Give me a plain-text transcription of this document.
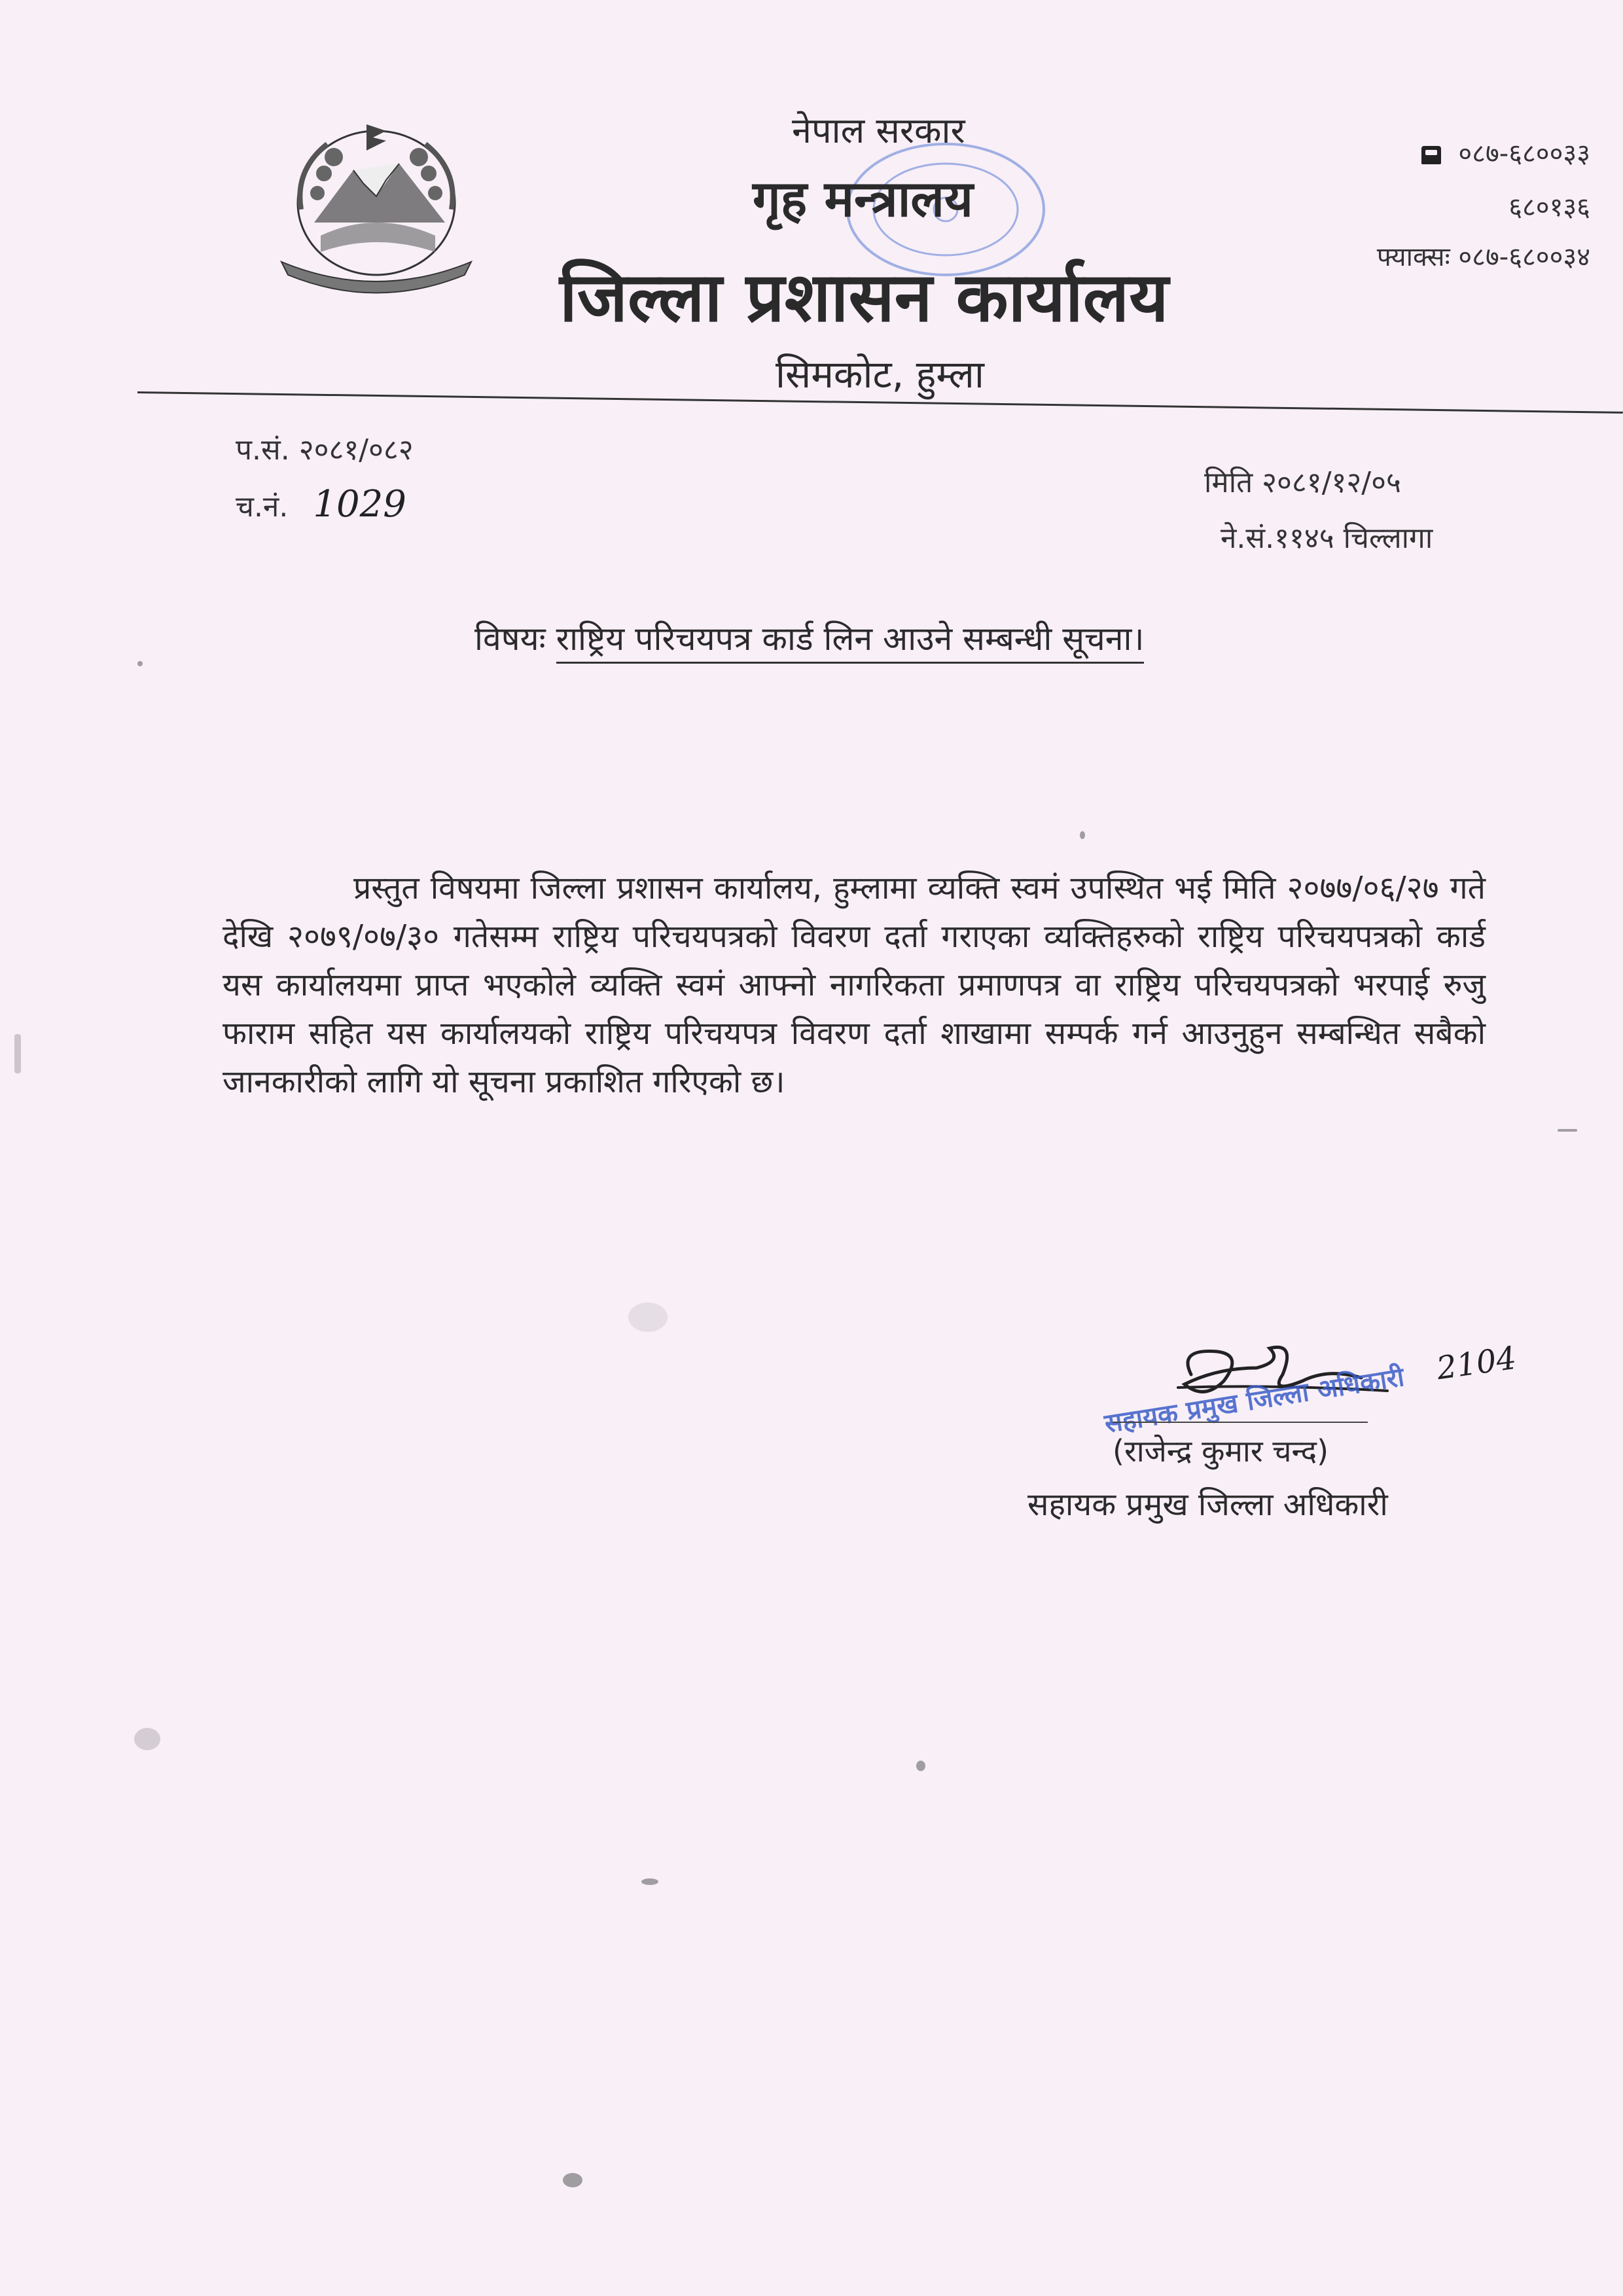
नेपाल सरकार
गृह मन्त्रालय
जिल्ला प्रशासन कार्यालय
सिमकोट, हुम्ला
०८७-६८००३३
६८०१३६
फ्याक्सः ०८७-६८००३४
प.सं. २०८१/०८२
च.नं. 1029
मिति २०८१/१२/०५
ने.सं.११४५ चिल्लागा
विषयः राष्ट्रिय परिचयपत्र कार्ड लिन आउने सम्बन्धी सूचना।
प्रस्तुत विषयमा जिल्ला प्रशासन कार्यालय, हुम्लामा व्यक्ति स्वमं उपस्थित भई मिति २०७७/०६/२७ गते देखि २०७९/०७/३० गतेसम्म राष्ट्रिय परिचयपत्रको विवरण दर्ता गराएका व्यक्तिहरुको राष्ट्रिय परिचयपत्रको कार्ड यस कार्यालयमा प्राप्त भएकोले व्यक्ति स्वमं आफ्नो नागरिकता प्रमाणपत्र वा राष्ट्रिय परिचयपत्रको भरपाई रुजु फाराम सहित यस कार्यालयको राष्ट्रिय परिचयपत्र विवरण दर्ता शाखामा सम्पर्क गर्न आउनुहुन सम्बन्धित सबैको जानकारीको लागि यो सूचना प्रकाशित गरिएको छ।
सहायक प्रमुख जिल्ला अधिकारी 2104
(राजेन्द्र कुमार चन्द)
सहायक प्रमुख जिल्ला अधिकारी
